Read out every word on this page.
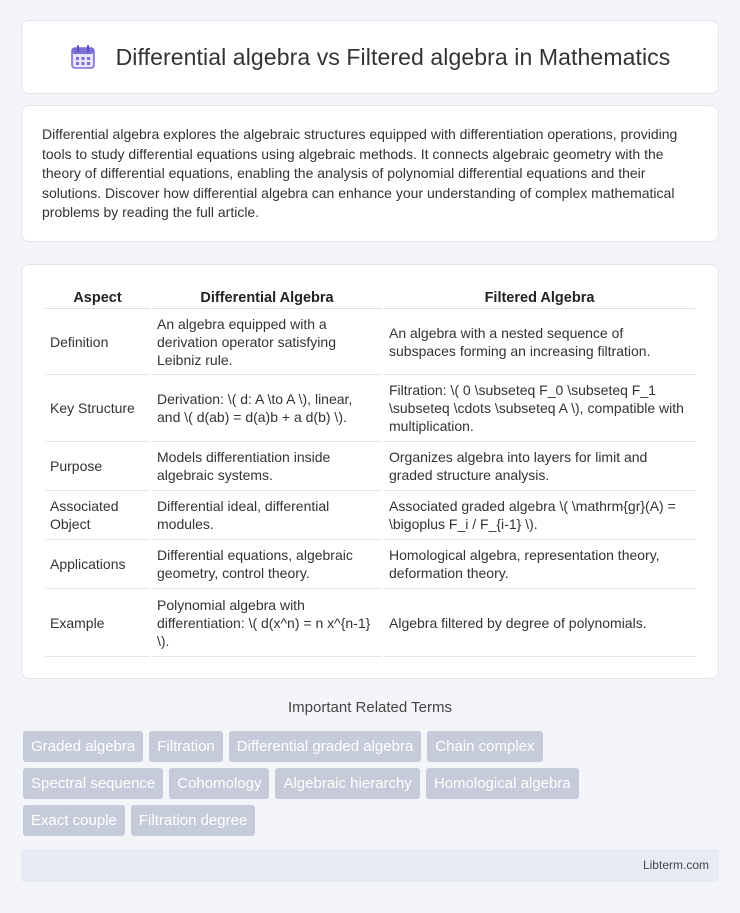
Differential algebra vs Filtered algebra in Mathematics

Differential algebra explores the algebraic structures equipped with differentiation operations, providing tools to study differential equations using algebraic methods. It connects algebraic geometry with the theory of differential equations, enabling the analysis of polynomial differential equations and their solutions. Discover how differential algebra can enhance your understanding of complex mathematical problems by reading the full article.

Aspect	Differential Algebra	Filtered Algebra
Definition	An algebra equipped with a derivation operator satisfying Leibniz rule.	An algebra with a nested sequence of subspaces forming an increasing filtration.
Key Structure	Derivation: \( d: A \to A \), linear, and \( d(ab) = d(a)b + a d(b) \).	Filtration: \( 0 \subseteq F_0 \subseteq F_1 \subseteq \cdots \subseteq A \), compatible with multiplication.
Purpose	Models differentiation inside algebraic systems.	Organizes algebra into layers for limit and graded structure analysis.
Associated Object	Differential ideal, differential modules.	Associated graded algebra \( \mathrm{gr}(A) = \bigoplus F_i / F_{i-1} \).
Applications	Differential equations, algebraic geometry, control theory.	Homological algebra, representation theory, deformation theory.
Example	Polynomial algebra with differentiation: \( d(x^n) = n x^{n-1} \).	Algebra filtered by degree of polynomials.
Important Related Terms
Graded algebra	Filtration	Differential graded algebra	Chain complex
Spectral sequence	Cohomology	Algebraic hierarchy	Homological algebra
Exact couple	Filtration degree
Libterm.com
